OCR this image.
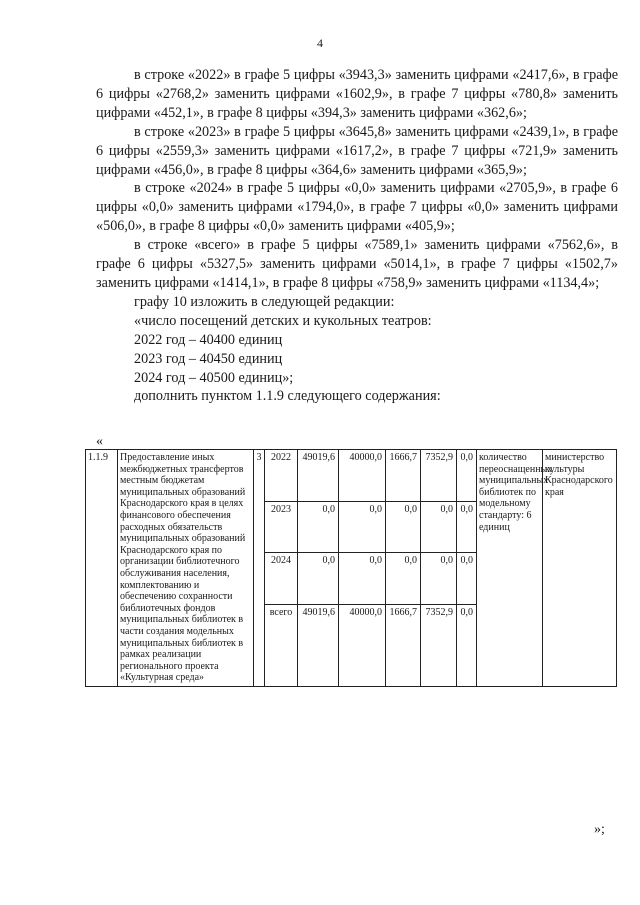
4

в строке «2022» в графе 5 цифры «3943,3» заменить цифрами «2417,6», в графе 6 цифры «2768,2» заменить цифрами «1602,9», в графе 7 цифры «780,8» заменить цифрами «452,1», в графе 8 цифры «394,3» заменить цифрами «362,6»;

в строке «2023» в графе 5 цифры «3645,8» заменить цифрами «2439,1», в графе 6 цифры «2559,3» заменить цифрами «1617,2», в графе 7 цифры «721,9» заменить цифрами «456,0», в графе 8 цифры «364,6» заменить цифрами «365,9»;

в строке «2024» в графе 5 цифры «0,0» заменить цифрами «2705,9», в графе 6 цифры «0,0» заменить цифрами «1794,0», в графе 7 цифры «0,0» заменить цифрами «506,0», в графе 8 цифры «0,0» заменить цифрами «405,9»;

в строке «всего» в графе 5 цифры «7589,1» заменить цифрами «7562,6», в графе 6 цифры «5327,5» заменить цифрами «5014,1», в графе 7 цифры «1502,7» заменить цифрами «1414,1», в графе 8 цифры «758,9» заменить цифрами «1134,4»;

графу 10 изложить в следующей редакции:

«число посещений детских и кукольных театров:

2022 год – 40400 единиц

2023 год – 40450 единиц

2024 год – 40500 единиц»;

дополнить пунктом 1.1.9 следующего содержания:

«
1.1.9	Предоставление иных межбюджетных трансфертов местным бюджетам муниципальных образований Краснодарского края в целях финансового обеспечения расходных обязательств муниципальных образований Краснодарского края по организации библиотечного обслуживания населения, комплектованию и обеспечению сохранности библиотечных фондов муниципальных библиотек в части создания модельных муниципальных библиотек в рамках реализации регионального проекта «Культурная среда»	3	2022	49019,6	40000,0	1666,7	7352,9	0,0	количество переоснащенных муниципальных библиотек по модельному стандарту: 6 единиц	министерство культуры Краснодарского края
			2023	0,0	0,0	0,0	0,0	0,0		
			2024	0,0	0,0	0,0	0,0	0,0		
			всего	49019,6	40000,0	1666,7	7352,9	0,0		
»;
